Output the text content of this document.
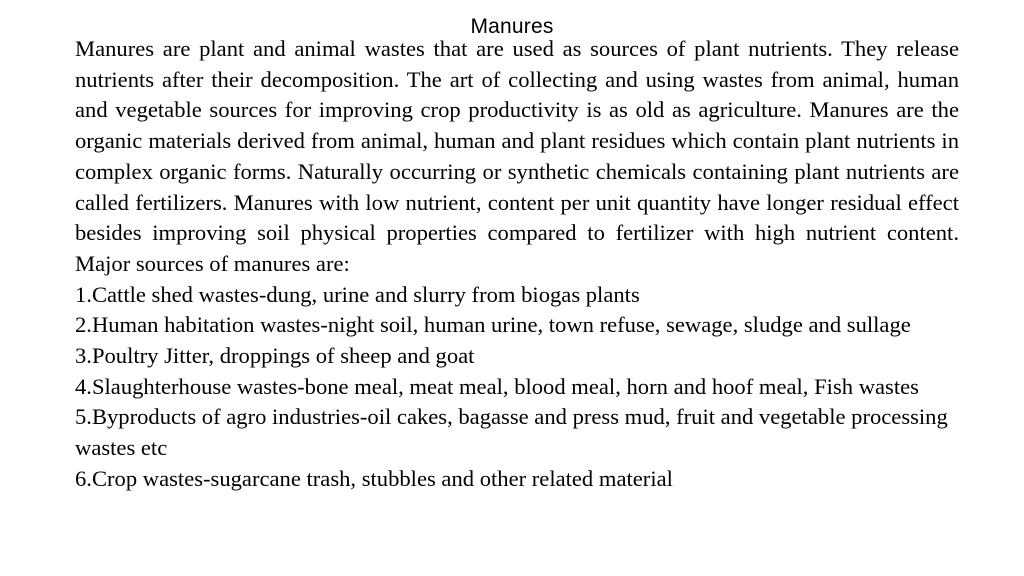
Manures

Manures are plant and animal wastes that are used as sources of plant nutrients. They release nutrients after their decomposition. The art of collecting and using wastes from animal, human and vegetable sources for improving crop productivity is as old as agriculture. Manures are the organic materials derived from animal, human and plant residues which contain plant nutrients in complex organic forms. Naturally occurring or synthetic chemicals containing plant nutrients are called fertilizers. Manures with low nutrient, content per unit quantity have longer residual effect besides improving soil physical properties compared to fertilizer with high nutrient content. Major sources of manures are:

1.Cattle shed wastes-dung, urine and slurry from biogas plants
2.Human habitation wastes-night soil, human urine, town refuse, sewage, sludge and sullage
3.Poultry Jitter, droppings of sheep and goat
4.Slaughterhouse wastes-bone meal, meat meal, blood meal, horn and hoof meal, Fish wastes
5.Byproducts of agro industries-oil cakes, bagasse and press mud, fruit and vegetable processing wastes etc
6.Crop wastes-sugarcane trash, stubbles and other related material
